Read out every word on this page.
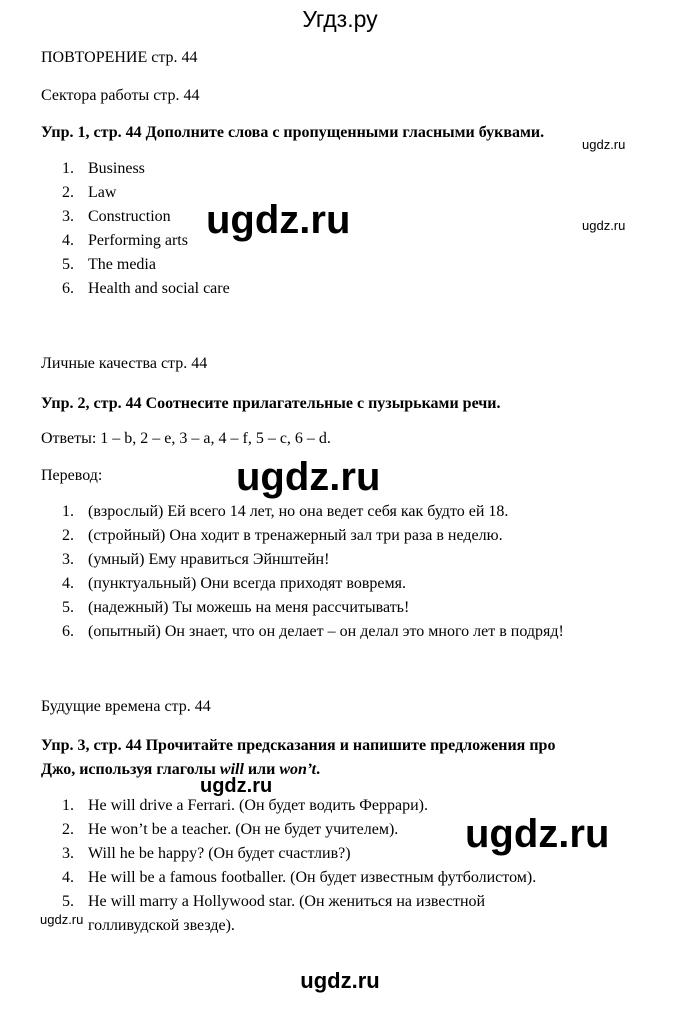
Угдз.ру
ПОВТОРЕНИЕ стр. 44
Сектора работы стр. 44
Упр. 1, стр. 44 Дополните слова с пропущенными гласными буквами.
1. Business
2. Law
3. Construction
4. Performing arts
5. The media
6. Health and social care
Личные качества стр. 44
Упр. 2, стр. 44 Соотнесите прилагательные с пузырьками речи.
Ответы: 1 – b, 2 – e, 3 – a, 4 – f, 5 – c, 6 – d.
Перевод:
1. (взрослый) Ей всего 14 лет, но она ведет себя как будто ей 18.
2. (стройный) Она ходит в тренажерный зал три раза в неделю.
3. (умный) Ему нравиться Эйнштейн!
4. (пунктуальный) Они всегда приходят вовремя.
5. (надежный) Ты можешь на меня рассчитывать!
6. (опытный) Он знает, что он делает – он делал это много лет в подряд!
Будущие времена стр. 44
Упр. 3, стр. 44 Прочитайте предсказания и напишите предложения про
Джо, используя глаголы will или won’t.
1. He will drive a Ferrari. (Он будет водить Феррари).
2. He won’t be a teacher. (Он не будет учителем).
3. Will he be happy? (Он будет счастлив?)
4. He will be a famous footballer. (Он будет известным футболистом).
5. He will marry a Hollywood star. (Он жениться на известной голливудской звезде).
ugdz.ru
ugdz.ru	ugdz.ru
ugdz.ru
ugdz.ru
ugdz.ru
ugdz.ru
ugdz.ru
